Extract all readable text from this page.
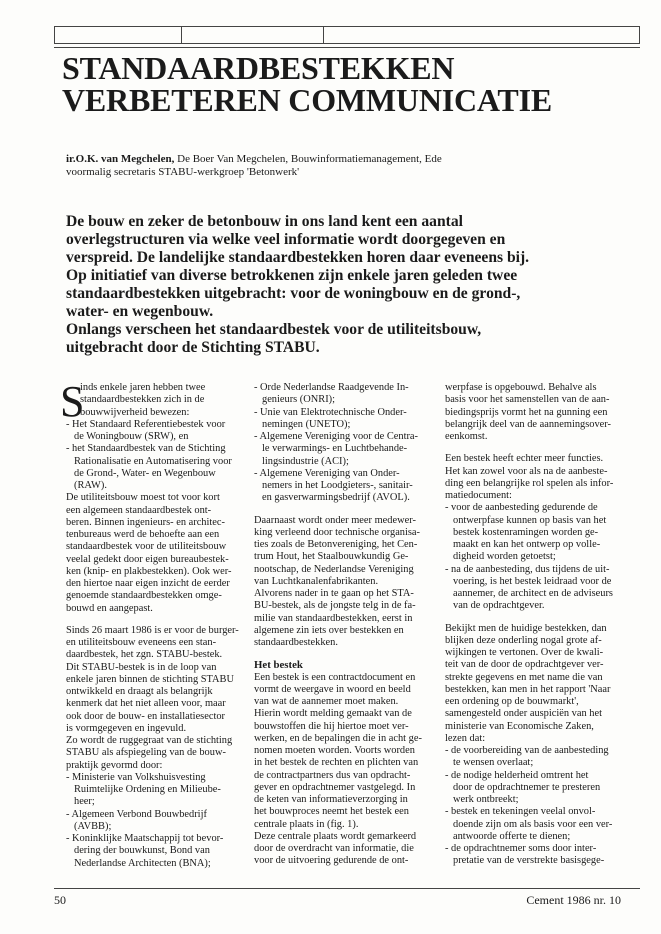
STANDAARDBESTEKKEN
VERBETEREN COMMUNICATIE
ir.O.K. van Megchelen, De Boer Van Megchelen, Bouwinformatiemanagement, Ede
voormalig secretaris STABU-werkgroep 'Betonwerk'
De bouw en zeker de betonbouw in ons land kent een aantal
overlegstructuren via welke veel informatie wordt doorgegeven en
verspreid. De landelijke standaardbestekken horen daar eveneens bij.
Op initiatief van diverse betrokkenen zijn enkele jaren geleden twee
standaardbestekken uitgebracht: voor de woningbouw en de grond-,
water- en wegenbouw.
Onlangs verscheen het standaardbestek voor de utiliteitsbouw,
uitgebracht door de Stichting STABU.
S
inds enkele jaren hebben twee
standaardbestekken zich in de
bouwwijverheid bewezen:
- Het Standaard Referentiebestek voor
de Woningbouw (SRW), en
- het Standaardbestek van de Stichting
Rationalisatie en Automatisering voor
de Grond-, Water- en Wegenbouw
(RAW).
De utiliteitsbouw moest tot voor kort
een algemeen standaardbestek ont-
beren. Binnen ingenieurs- en architec-
tenbureaus werd de behoefte aan een
standaardbestek voor de utiliteitsbouw
veelal gedekt door eigen bureaubestek-
ken (knip- en plakbestekken). Ook wer-
den hiertoe naar eigen inzicht de eerder
genoemde standaardbestekken omge-
bouwd en aangepast.
Sinds 26 maart 1986 is er voor de burger-
en utiliteitsbouw eveneens een stan-
daardbestek, het zgn. STABU-bestek.
Dit STABU-bestek is in de loop van
enkele jaren binnen de stichting STABU
ontwikkeld en draagt als belangrijk
kenmerk dat het niet alleen voor, maar
ook door de bouw- en installatiesector
is vormgegeven en ingevuld.
Zo wordt de ruggegraat van de stichting
STABU als afspiegeling van de bouw-
praktijk gevormd door:
- Ministerie van Volkshuisvesting
Ruimtelijke Ordening en Milieube-
heer;
- Algemeen Verbond Bouwbedrijf
(AVBB);
- Koninklijke Maatschappij tot bevor-
dering der bouwkunst, Bond van
Nederlandse Architecten (BNA);
- Orde Nederlandse Raadgevende In-
genieurs (ONRI);
- Unie van Elektrotechnische Onder-
nemingen (UNETO);
- Algemene Vereniging voor de Centra-
le verwarmings- en Luchtbehande-
lingsindustrie (ACI);
- Algemene Vereniging van Onder-
nemers in het Loodgieters-, sanitair-
en gasverwarmingsbedrijf (AVOL).
Daarnaast wordt onder meer medewer-
king verleend door technische organisa-
ties zoals de Betonvereniging, het Cen-
trum Hout, het Staalbouwkundig Ge-
nootschap, de Nederlandse Vereniging
van Luchtkanalenfabrikanten.
Alvorens nader in te gaan op het STA-
BU-bestek, als de jongste telg in de fa-
milie van standaardbestekken, eerst in
algemene zin iets over bestekken en
standaardbestekken.
Het bestek
Een bestek is een contractdocument en
vormt de weergave in woord en beeld
van wat de aannemer moet maken.
Hierin wordt melding gemaakt van de
bouwstoffen die hij hiertoe moet ver-
werken, en de bepalingen die in acht ge-
nomen moeten worden. Voorts worden
in het bestek de rechten en plichten van
de contractpartners dus van opdracht-
gever en opdrachtnemer vastgelegd. In
de keten van informatieverzorging in
het bouwproces neemt het bestek een
centrale plaats in (fig. 1).
Deze centrale plaats wordt gemarkeerd
door de overdracht van informatie, die
voor de uitvoering gedurende de ont-
werpfase is opgebouwd. Behalve als
basis voor het samenstellen van de aan-
biedingsprijs vormt het na gunning een
belangrijk deel van de aannemingsover-
eenkomst.
Een bestek heeft echter meer functies.
Het kan zowel voor als na de aanbeste-
ding een belangrijke rol spelen als infor-
matiedocument:
- voor de aanbesteding gedurende de
ontwerpfase kunnen op basis van het
bestek kostenramingen worden ge-
maakt en kan het ontwerp op volle-
digheid worden getoetst;
- na de aanbesteding, dus tijdens de uit-
voering, is het bestek leidraad voor de
aannemer, de architect en de adviseurs
van de opdrachtgever.
Bekijkt men de huidige bestekken, dan
blijken deze onderling nogal grote af-
wijkingen te vertonen. Over de kwali-
teit van de door de opdrachtgever ver-
strekte gegevens en met name die van
bestekken, kan men in het rapport 'Naar
een ordening op de bouwmarkt',
samengesteld onder auspiciën van het
ministerie van Economische Zaken,
lezen dat:
- de voorbereiding van de aanbesteding
te wensen overlaat;
- de nodige helderheid omtrent het
door de opdrachtnemer te presteren
werk ontbreekt;
- bestek en tekeningen veelal onvol-
doende zijn om als basis voor een ver-
antwoorde offerte te dienen;
- de opdrachtnemer soms door inter-
pretatie van de verstrekte basisgege-
50	Cement 1986 nr. 10
